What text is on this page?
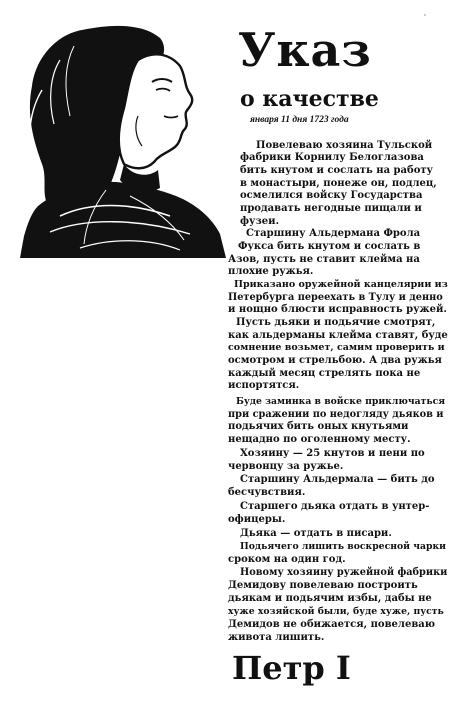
Указ
о качестве
января 11 дня 1723 года
Повелеваю хозяина Тульской
фабрики Корнилу Белоглазова
бить кнутом и сослать на работу
в монастыри, понеже он, подлец,
осмелился войску Государства
продавать негодные пищали и
фузеи.
Старшину Альдермана Фрола
Фукса бить кнутом и сослать в
Азов, пусть не ставит клейма на
плохие ружья.
Приказано оружейной канцелярии из
Петербурга переехать в Тулу и денно
и нощно блюсти исправность ружей.
Пусть дьяки и подьячие смотрят,
как альдерманы клейма ставят, буде
сомнение возьмет, самим проверить и
осмотром и стрельбою. А два ружья
каждый месяц стрелять пока не
испортятся.
Буде заминка в войске приключаться
при сражении по недогляду дьяков и
подьячих бить оных кнутьями
нещадно по оголенному месту.
Хозяину — 25 кнутов и пени по
червонцу за ружье.
Старшину Альдермала — бить до
бесчувствия.
Старшего дьяка отдать в унтер-
офицеры.
Дьяка — отдать в писари.
Подьячего лишить воскресной чарки
сроком на один год.
Новому хозяину ружейной фабрики
Демидову повелеваю построить
дьякам и подьячим избы, дабы не
хуже хозяйской были, буде хуже, пусть
Демидов не обижается, повелеваю
живота лишить.
Петр I
'
